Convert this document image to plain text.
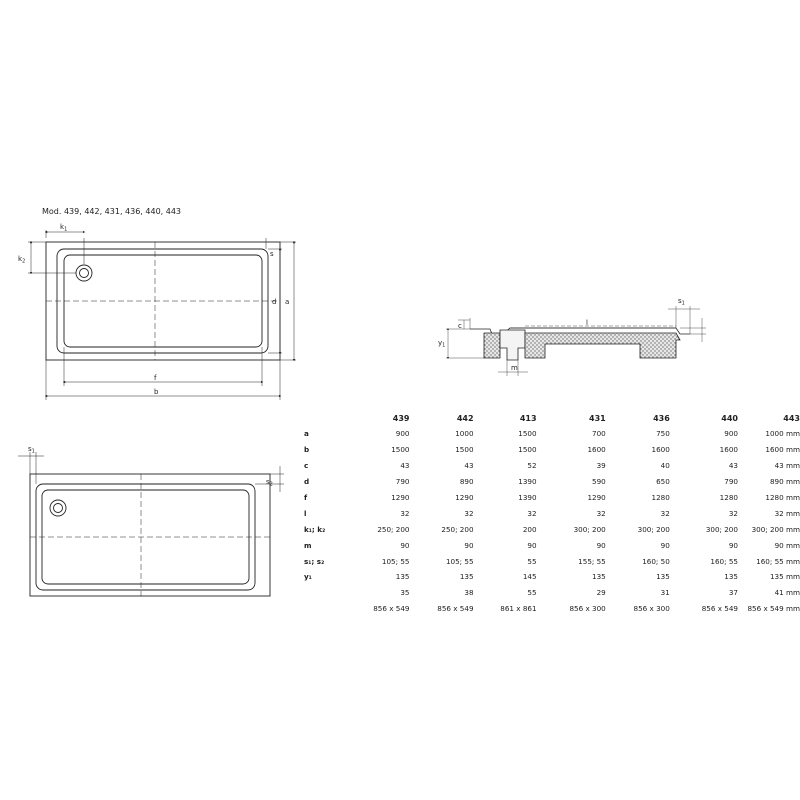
Mod. 439, 442, 431, 436, 440, 443
$k_1$
$k_2$
s
d a
f
b
c
$y_1$
m
l
$s_1$
$s_1$
$s_2$
	439	442	413	431	436	440	443
a	900	1000	1500	700	750	900	1000 mm
b	1500	1500	1500	1600	1600	1600	1600 mm
c	43	43	52	39	40	43	43 mm
d	790	890	1390	590	650	790	890 mm
f	1290	1290	1390	1290	1280	1280	1280 mm
l	32	32	32	32	32	32	32 mm
k₁; k₂	250; 200	250; 200	200	300; 200	300; 200	300; 200	300; 200 mm
m	90	90	90	90	90	90	90 mm
s₁; s₂	105; 55	105; 55	55	155; 55	160; 50	160; 55	160; 55 mm
y₁	135	135	145	135	135	135	135 mm
	35	38	55	29	31	37	41 mm
	856 x 549	856 x 549	861 x 861	856 x 300	856 x 300	856 x 549	856 x 549 mm
